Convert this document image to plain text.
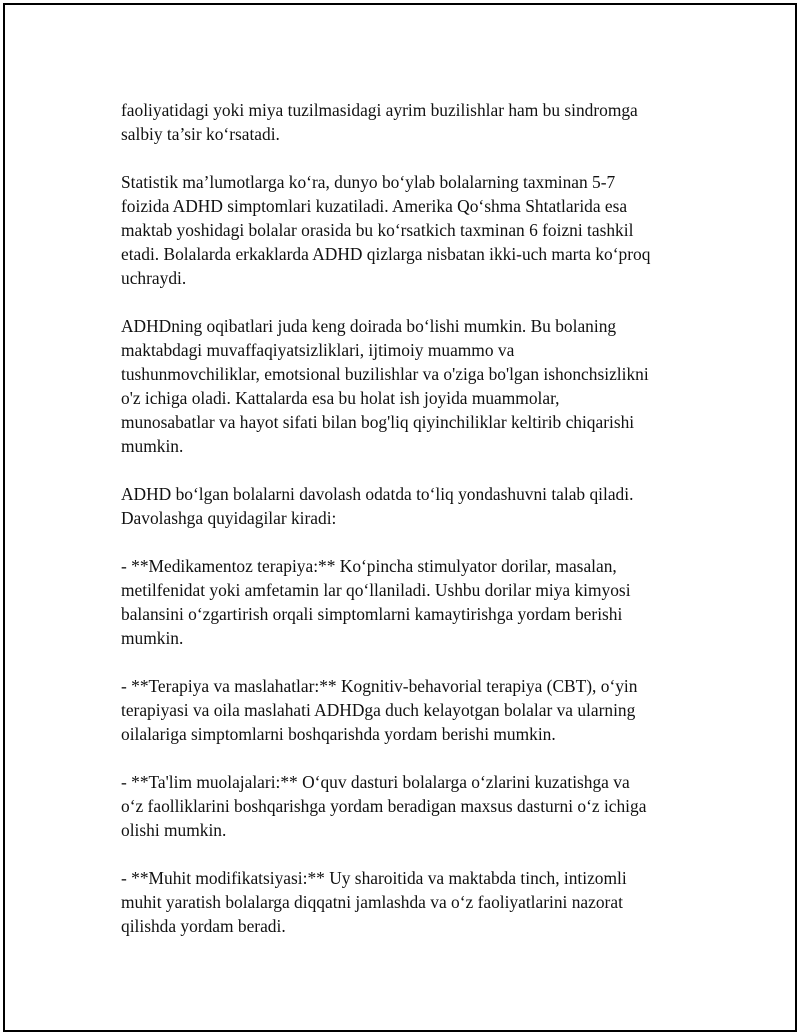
faoliyatidagi yoki miya tuzilmasidagi ayrim buzilishlar ham bu sindromga
salbiy ta’sir ko‘rsatadi.

Statistik ma’lumotlarga ko‘ra, dunyo bo‘ylab bolalarning taxminan 5-7
foizida ADHD simptomlari kuzatiladi. Amerika Qo‘shma Shtatlarida esa
maktab yoshidagi bolalar orasida bu ko‘rsatkich taxminan 6 foizni tashkil
etadi. Bolalarda erkaklarda ADHD qizlarga nisbatan ikki-uch marta ko‘proq
uchraydi.

ADHDning oqibatlari juda keng doirada bo‘lishi mumkin. Bu bolaning
maktabdagi muvaffaqiyatsizliklari, ijtimoiy muammo va
tushunmovchiliklar, emotsional buzilishlar va o'ziga bo'lgan ishonchsizlikni
o'z ichiga oladi. Kattalarda esa bu holat ish joyida muammolar,
munosabatlar va hayot sifati bilan bog'liq qiyinchiliklar keltirib chiqarishi
mumkin.

ADHD bo‘lgan bolalarni davolash odatda to‘liq yondashuvni talab qiladi.
Davolashga quyidagilar kiradi:

- **Medikamentoz terapiya:** Ko‘pincha stimulyator dorilar, masalan,
metilfenidat yoki amfetamin lar qo‘llaniladi. Ushbu dorilar miya kimyosi
balansini o‘zgartirish orqali simptomlarni kamaytirishga yordam berishi
mumkin.

- **Terapiya va maslahatlar:** Kognitiv-behavorial terapiya (CBT), o‘yin
terapiyasi va oila maslahati ADHDga duch kelayotgan bolalar va ularning
oilalariga simptomlarni boshqarishda yordam berishi mumkin.

- **Ta'lim muolajalari:** O‘quv dasturi bolalarga o‘zlarini kuzatishga va
o‘z faolliklarini boshqarishga yordam beradigan maxsus dasturni o‘z ichiga
olishi mumkin.

- **Muhit modifikatsiyasi:** Uy sharoitida va maktabda tinch, intizomli
muhit yaratish bolalarga diqqatni jamlashda va o‘z faoliyatlarini nazorat
qilishda yordam beradi.
